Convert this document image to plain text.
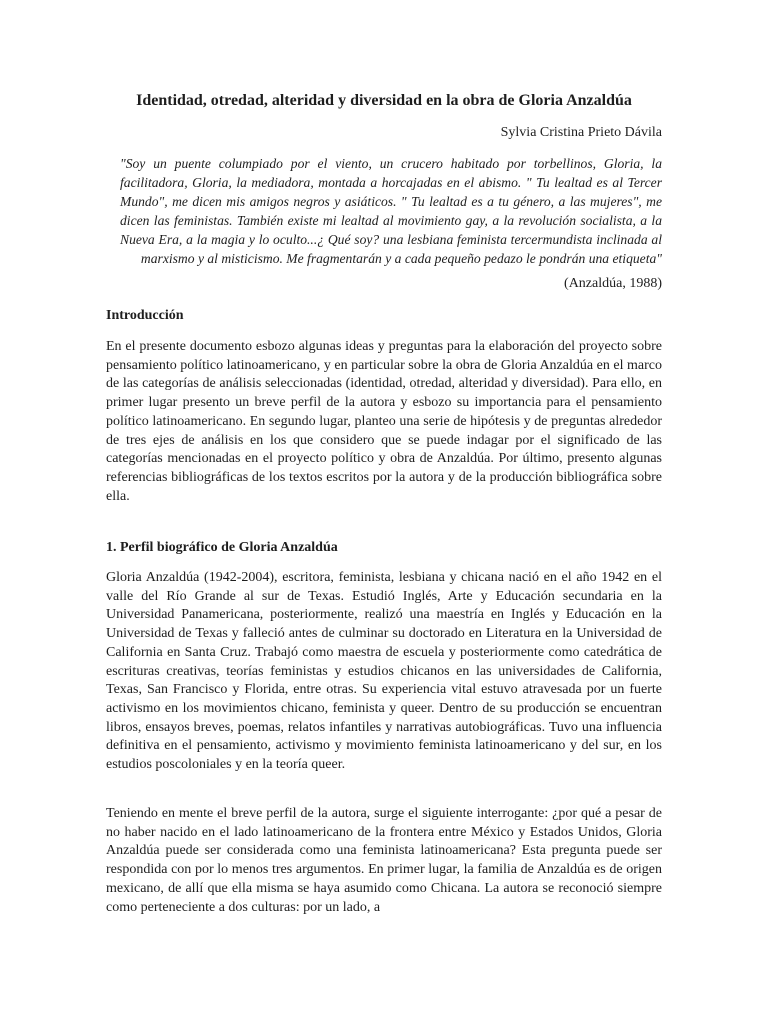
Identidad, otredad, alteridad y diversidad en la obra de Gloria Anzaldúa
Sylvia Cristina Prieto Dávila
"Soy un puente columpiado por el viento, un crucero habitado por torbellinos, Gloria, la facilitadora, Gloria, la mediadora, montada a horcajadas en el abismo. " Tu lealtad es al Tercer Mundo", me dicen mis amigos negros y asiáticos. " Tu lealtad es a tu género, a las mujeres", me dicen las feministas. También existe mi lealtad al movimiento gay, a la revolución socialista, a la Nueva Era, a la magia y lo oculto...¿ Qué soy? una lesbiana feminista tercermundista inclinada al marxismo y al misticismo. Me fragmentarán y a cada pequeño pedazo le pondrán una etiqueta"
(Anzaldúa, 1988)
Introducción
En el presente documento esbozo algunas ideas y preguntas para la elaboración del proyecto sobre pensamiento político latinoamericano, y en particular sobre la obra de Gloria Anzaldúa en el marco de las categorías de análisis seleccionadas (identidad, otredad, alteridad y diversidad). Para ello, en primer lugar presento un breve perfil de la autora y esbozo su importancia para el pensamiento político latinoamericano. En segundo lugar, planteo una serie de hipótesis y de preguntas alrededor de tres ejes de análisis en los que considero que se puede indagar por el significado de las categorías mencionadas en el proyecto político y obra de Anzaldúa. Por último, presento algunas referencias bibliográficas de los textos escritos por la autora y de la producción bibliográfica sobre ella.
1. Perfil biográfico de Gloria Anzaldúa
Gloria Anzaldúa (1942-2004), escritora, feminista, lesbiana y chicana nació en el año 1942 en el valle del Río Grande al sur de Texas. Estudió Inglés, Arte y Educación secundaria en la Universidad Panamericana, posteriormente, realizó una maestría en Inglés y Educación en la Universidad de Texas y falleció antes de culminar su doctorado en Literatura en la Universidad de California en Santa Cruz. Trabajó como maestra de escuela y posteriormente como catedrática de escrituras creativas, teorías feministas y estudios chicanos en las universidades de California, Texas, San Francisco y Florida, entre otras. Su experiencia vital estuvo atravesada por un fuerte activismo en los movimientos chicano, feminista y queer. Dentro de su producción se encuentran libros, ensayos breves, poemas, relatos infantiles y narrativas autobiográficas. Tuvo una influencia definitiva en el pensamiento, activismo y movimiento feminista latinoamericano y del sur, en los estudios poscoloniales y en la teoría queer.
Teniendo en mente el breve perfil de la autora, surge el siguiente interrogante: ¿por qué a pesar de no haber nacido en el lado latinoamericano de la frontera entre México y Estados Unidos, Gloria Anzaldúa puede ser considerada como una feminista latinoamericana? Esta pregunta puede ser respondida con por lo menos tres argumentos. En primer lugar, la familia de Anzaldúa es de origen mexicano, de allí que ella misma se haya asumido como Chicana. La autora se reconoció siempre como perteneciente a dos culturas: por un lado, a
